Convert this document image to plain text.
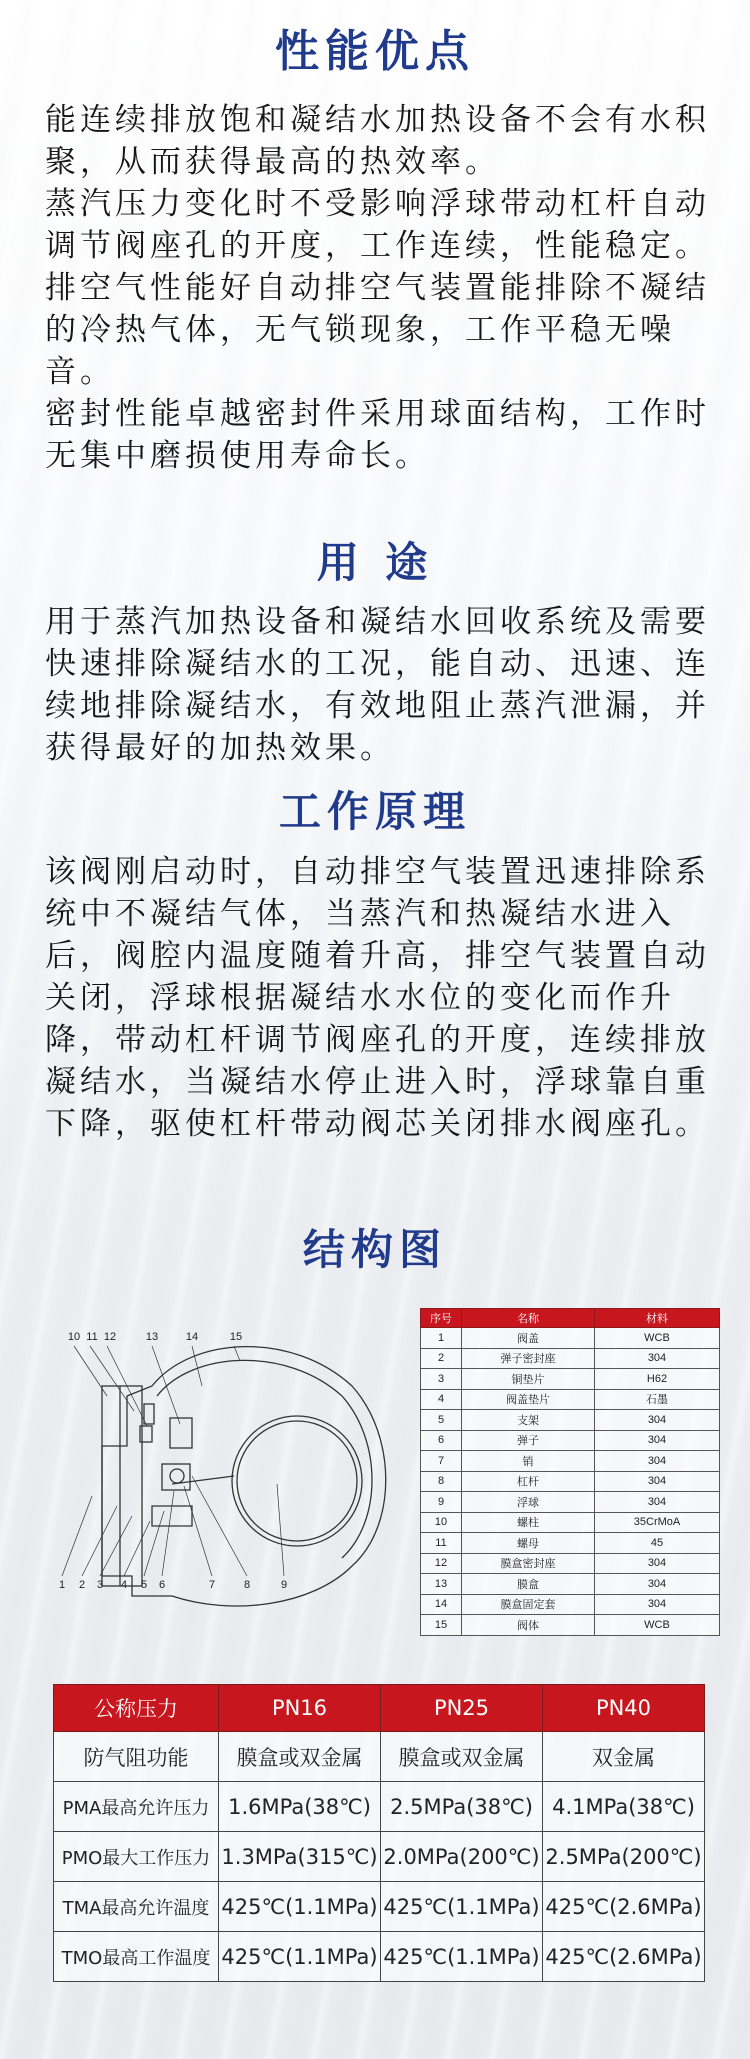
性能优点

能连续排放饱和凝结水加热设备不会有水积聚，从而获得最高的热效率。

蒸汽压力变化时不受影响浮球带动杠杆自动调节阀座孔的开度，工作连续，性能稳定。

排空气性能好自动排空气装置能排除不凝结的冷热气体，无气锁现象，工作平稳无噪音。

密封性能卓越密封件采用球面结构，工作时无集中磨损使用寿命长。

用 途
用于蒸汽加热设备和凝结水回收系统及需要快速排除凝结水的工况，能自动、迅速、连续地排除凝结水，有效地阻止蒸汽泄漏，并获得最好的加热效果。
工作原理
该阀刚启动时，自动排空气装置迅速排除系统中不凝结气体，当蒸汽和热凝结水进入后，阀腔内温度随着升高，排空气装置自动关闭，浮球根据凝结水水位的变化而作升降，带动杠杆调节阀座孔的开度，连续排放凝结水，当凝结水停止进入时，浮球靠自重下降，驱使杠杆带动阀芯关闭排水阀座孔。
结构图
1 2 3 4 5 6	7	8	9
10 11 12	13	14	15
序号	名称	材料
1	阀盖	WCB
2	弹子密封座	304
3	铜垫片	H62
4	阀盖垫片	石墨
5	支架	304
6	弹子	304
7	销	304
8	杠杆	304
9	浮球	304
10	螺柱	35CrMoA
11	螺母	45
12	膜盒密封座	304
13	膜盒	304
14	膜盒固定套	304
15	阀体	WCB
公称压力	PN16	PN25	PN40
防气阻功能	膜盒或双金属	膜盒或双金属	双金属
PMA最高允许压力	1.6MPa(38℃)	2.5MPa(38℃)	4.1MPa(38℃)
PMO最大工作压力	1.3MPa(315℃)	2.0MPa(200℃)	2.5MPa(200℃)
TMA最高允许温度	425℃(1.1MPa)	425℃(1.1MPa)	425℃(2.6MPa)
TMO最高工作温度	425℃(1.1MPa)	425℃(1.1MPa)	425℃(2.6MPa)
